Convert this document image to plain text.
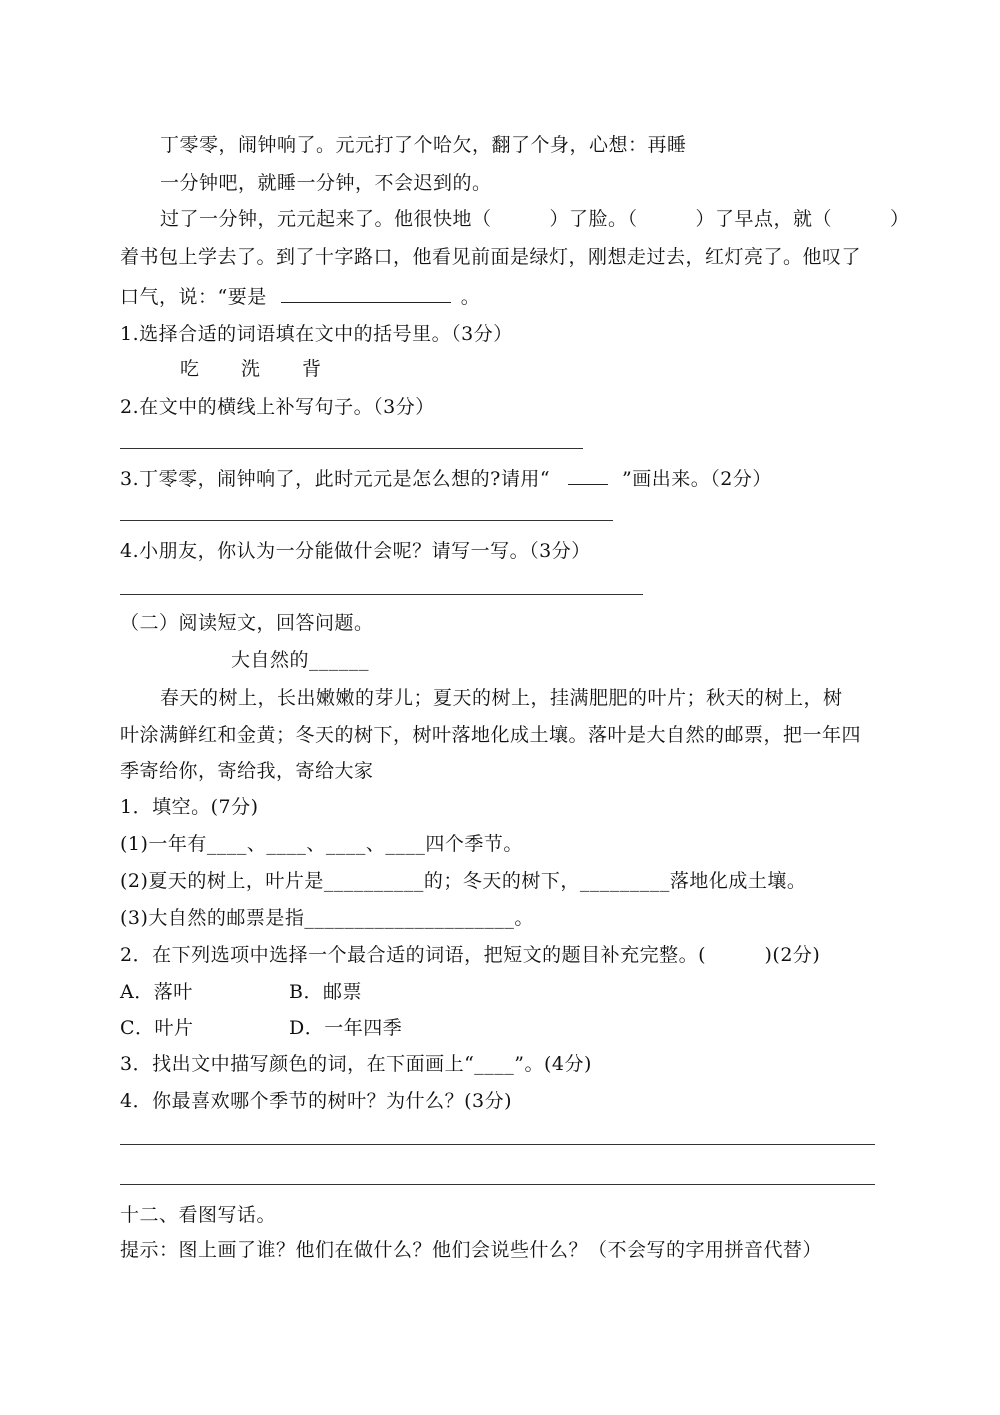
丁零零，闹钟响了。元元打了个哈欠，翻了个身，心想：再睡
一分钟吧，就睡一分钟，不会迟到的。
过了一分钟，元元起来了。他很快地（	）了脸。（	）了早点，就（	）
着书包上学去了。到了十字路口，他看见前面是绿灯，刚想走过去，红灯亮了。他叹了
口气，说：“要是	。
1.选择合适的词语填在文中的括号里。（3分）
吃 洗 背
2.在文中的横线上补写句子。（3分）
3.丁零零，闹钟响了，此时元元是怎么想的?请用“	”画出来。（2分）
4.小朋友，你认为一分能做什会呢？请写一写。（3分）
（二）阅读短文，回答问题。
大自然的______
春天的树上，长出嫩嫩的芽儿；夏天的树上，挂满肥肥的叶片；秋天的树上，树
叶涂满鲜红和金黄；冬天的树下，树叶落地化成土壤。落叶是大自然的邮票，把一年四
季寄给你，寄给我，寄给大家
1．填空。(7分)
(1)一年有____、____、____、____四个季节。
(2)夏天的树上，叶片是__________的；冬天的树下，_________落地化成土壤。
(3)大自然的邮票是指_____________________。
2．在下列选项中选择一个最合适的词语，把短文的题目补充完整。(　　　)(2分)
A．落叶	B．邮票
C．叶片	D．一年四季
3．找出文中描写颜色的词，在下面画上“____”。(4分)
4．你最喜欢哪个季节的树叶？为什么？(3分)
十二、看图写话。
提示：图上画了谁？他们在做什么？他们会说些什么？（不会写的字用拼音代替）
